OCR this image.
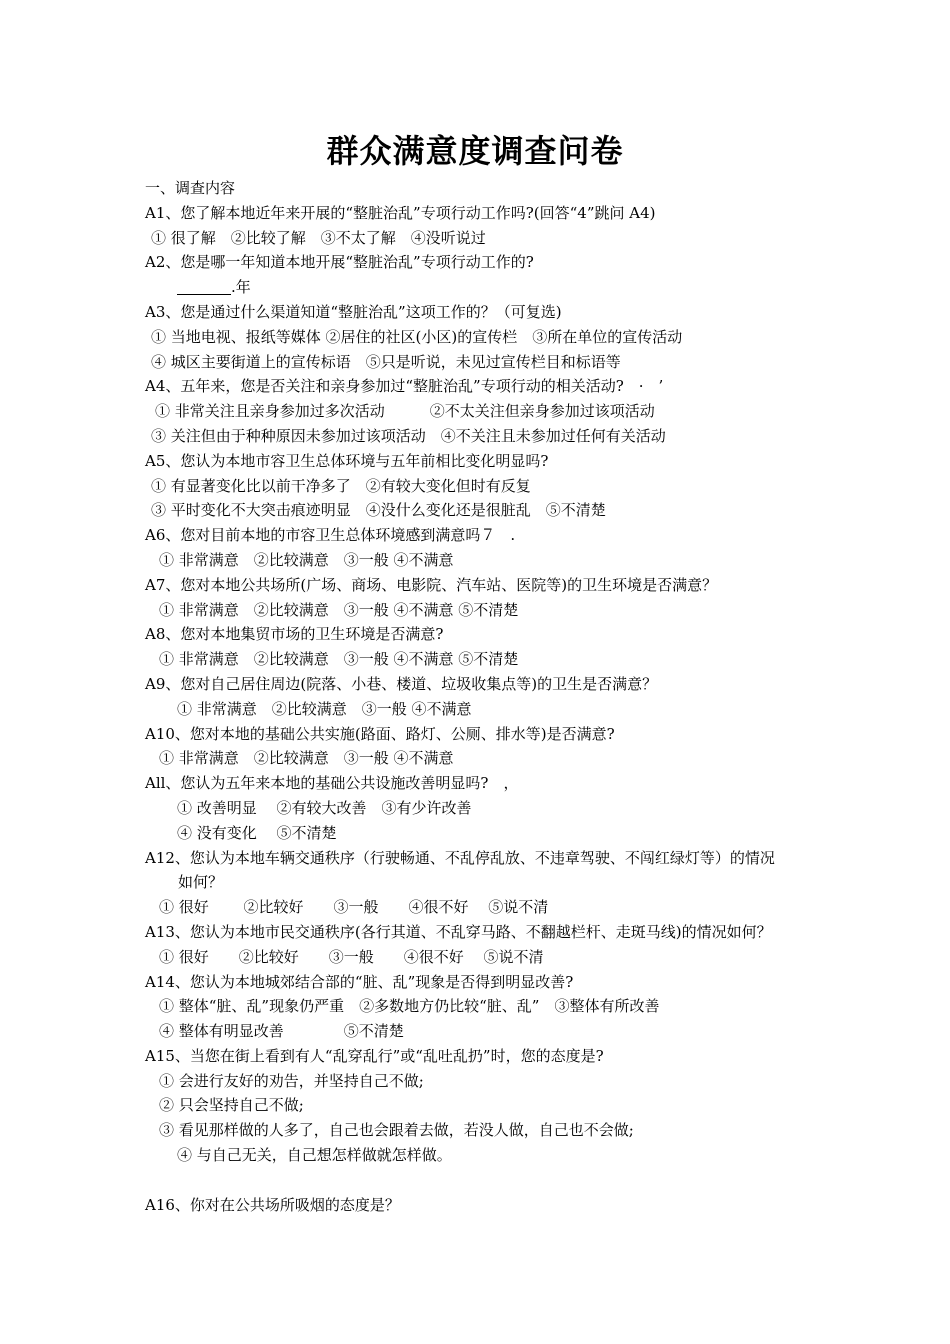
群众满意度调查问卷
一、调查内容
A1、您了解本地近年来开展的“整脏治乱”专项行动工作吗?(回答“4”跳问 A4)
① 很了解　②比较了解　③不太了解　④没听说过
A2、您是哪一年知道本地开展“整脏治乱”专项行动工作的?
.年
A3、您是通过什么渠道知道“整脏治乱”这项工作的？（可复选)
① 当地电视、报纸等媒体 ②居住的社区(小区)的宣传栏　③所在单位的宣传活动
④ 城区主要街道上的宣传标语　⑤只是听说，未见过宣传栏目和标语等
A4、五年来，您是否关注和亲身参加过“整脏治乱”专项行动的相关活动?　·　’
① 非常关注且亲身参加过多次活动　　　②不太关注但亲身参加过该项活动
③ 关注但由于种种原因未参加过该项活动　④不关注且未参加过任何有关活动
A5、您认为本地市容卫生总体环境与五年前相比变化明显吗?
① 有显著变化比以前干净多了　②有较大变化但时有反复
③ 平时变化不大突击痕迹明显　④没什么变化还是很脏乱　⑤不清楚
A6、您对目前本地的市容卫生总体环境感到满意吗７　.
① 非常满意　②比较满意　③一般 ④不满意
A7、您对本地公共场所(广场、商场、电影院、汽车站、医院等)的卫生环境是否满意？
① 非常满意　②比较满意　③一般 ④不满意 ⑤不清楚
A8、您对本地集贸市场的卫生环境是否满意?
① 非常满意　②比较满意　③一般 ④不满意 ⑤不清楚
A9、您对自己居住周边(院落、小巷、楼道、垃圾收集点等)的卫生是否满意？
① 非常满意　②比较满意　③一般 ④不满意
A10、您对本地的基础公共实施(路面、路灯、公厕、排水等)是否满意?
① 非常满意　②比较满意　③一般 ④不满意
All、您认为五年来本地的基础公共设施改善明显吗?　，
① 改善明显　 ②有较大改善　③有少许改善
④ 没有变化　 ⑤不清楚
A12、您认为本地车辆交通秩序（行驶畅通、不乱停乱放、不违章驾驶、不闯红绿灯等）的情况
如何？
① 很好　　 ②比较好　　③一般　　④很不好　 ⑤说不清
A13、您认为本地市民交通秩序(各行其道、不乱穿马路、不翻越栏杆、走斑马线)的情况如何？
① 很好　　②比较好　　③一般　　④很不好　 ⑤说不清
A14、您认为本地城郊结合部的“脏、乱”现象是否得到明显改善?
① 整体“脏、乱”现象仍严重　②多数地方仍比较“脏、乱”　③整体有所改善
④ 整体有明显改善　　　　⑤不清楚
A15、当您在街上看到有人“乱穿乱行”或“乱吐乱扔”时，您的态度是?
① 会进行友好的劝告，并坚持自己不做;
② 只会坚持自己不做;
③ 看见那样做的人多了，自己也会跟着去做，若没人做，自己也不会做;
④ 与自己无关，自己想怎样做就怎样做。
A16、你对在公共场所吸烟的态度是？
